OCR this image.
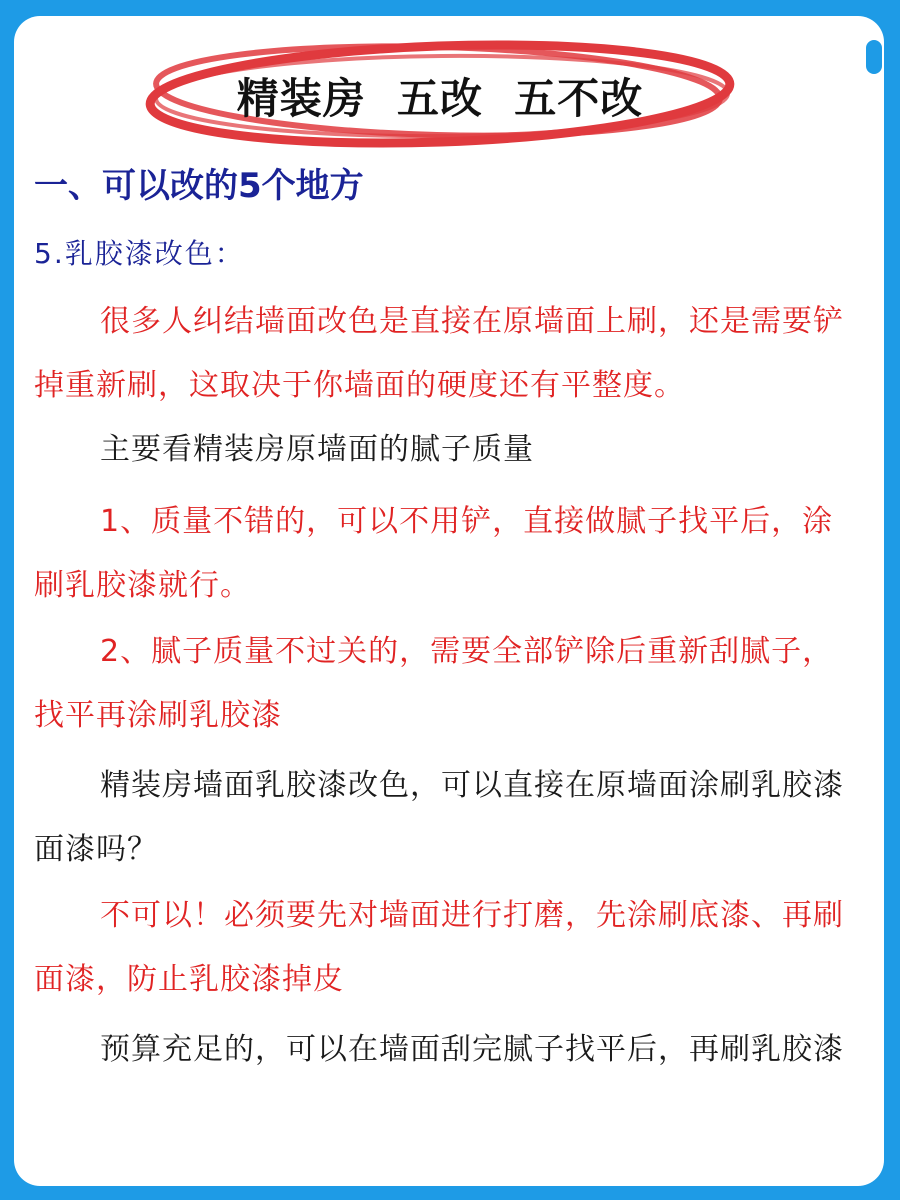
精装房  五改  五不改
一、可以改的5个地方
5.乳胶漆改色：

很多人纠结墙面改色是直接在原墙面上刷，还是需要铲掉重新刷，这取决于你墙面的硬度还有平整度。

主要看精装房原墙面的腻子质量

1、质量不错的，可以不用铲，直接做腻子找平后，涂刷乳胶漆就行。

2、腻子质量不过关的，需要全部铲除后重新刮腻子，找平再涂刷乳胶漆

精装房墙面乳胶漆改色，可以直接在原墙面涂刷乳胶漆面漆吗？

不可以！必须要先对墙面进行打磨，先涂刷底漆、再刷面漆，防止乳胶漆掉皮

预算充足的，可以在墙面刮完腻子找平后，再刷乳胶漆
